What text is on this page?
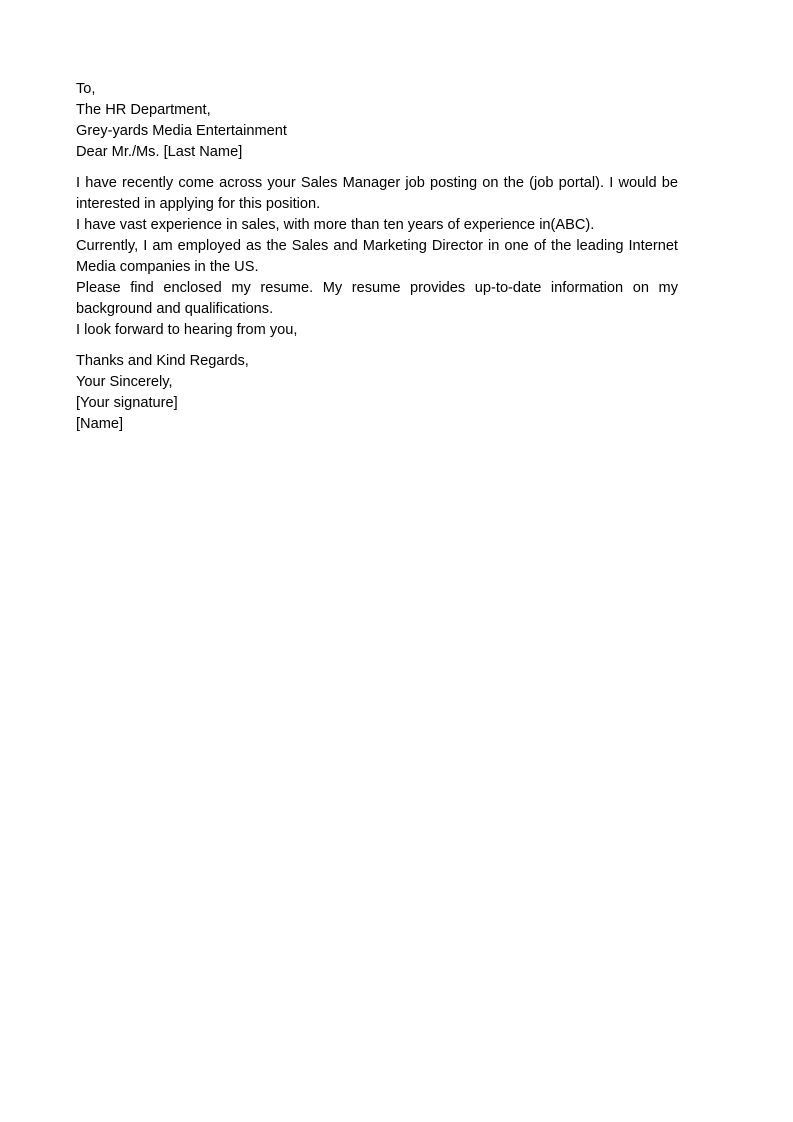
To,
The HR Department,
Grey-yards Media Entertainment
Dear Mr./Ms. [Last Name]
I have recently come across your Sales Manager job posting on the (job portal). I would be interested in applying for this position.
I have vast experience in sales, with more than ten years of experience in(ABC).
Currently, I am employed as the Sales and Marketing Director in one of the leading Internet Media companies in the US.
Please find enclosed my resume. My resume provides up-to-date information on my background and qualifications.
I look forward to hearing from you,
Thanks and Kind Regards,
Your Sincerely,
[Your signature]
[Name]
